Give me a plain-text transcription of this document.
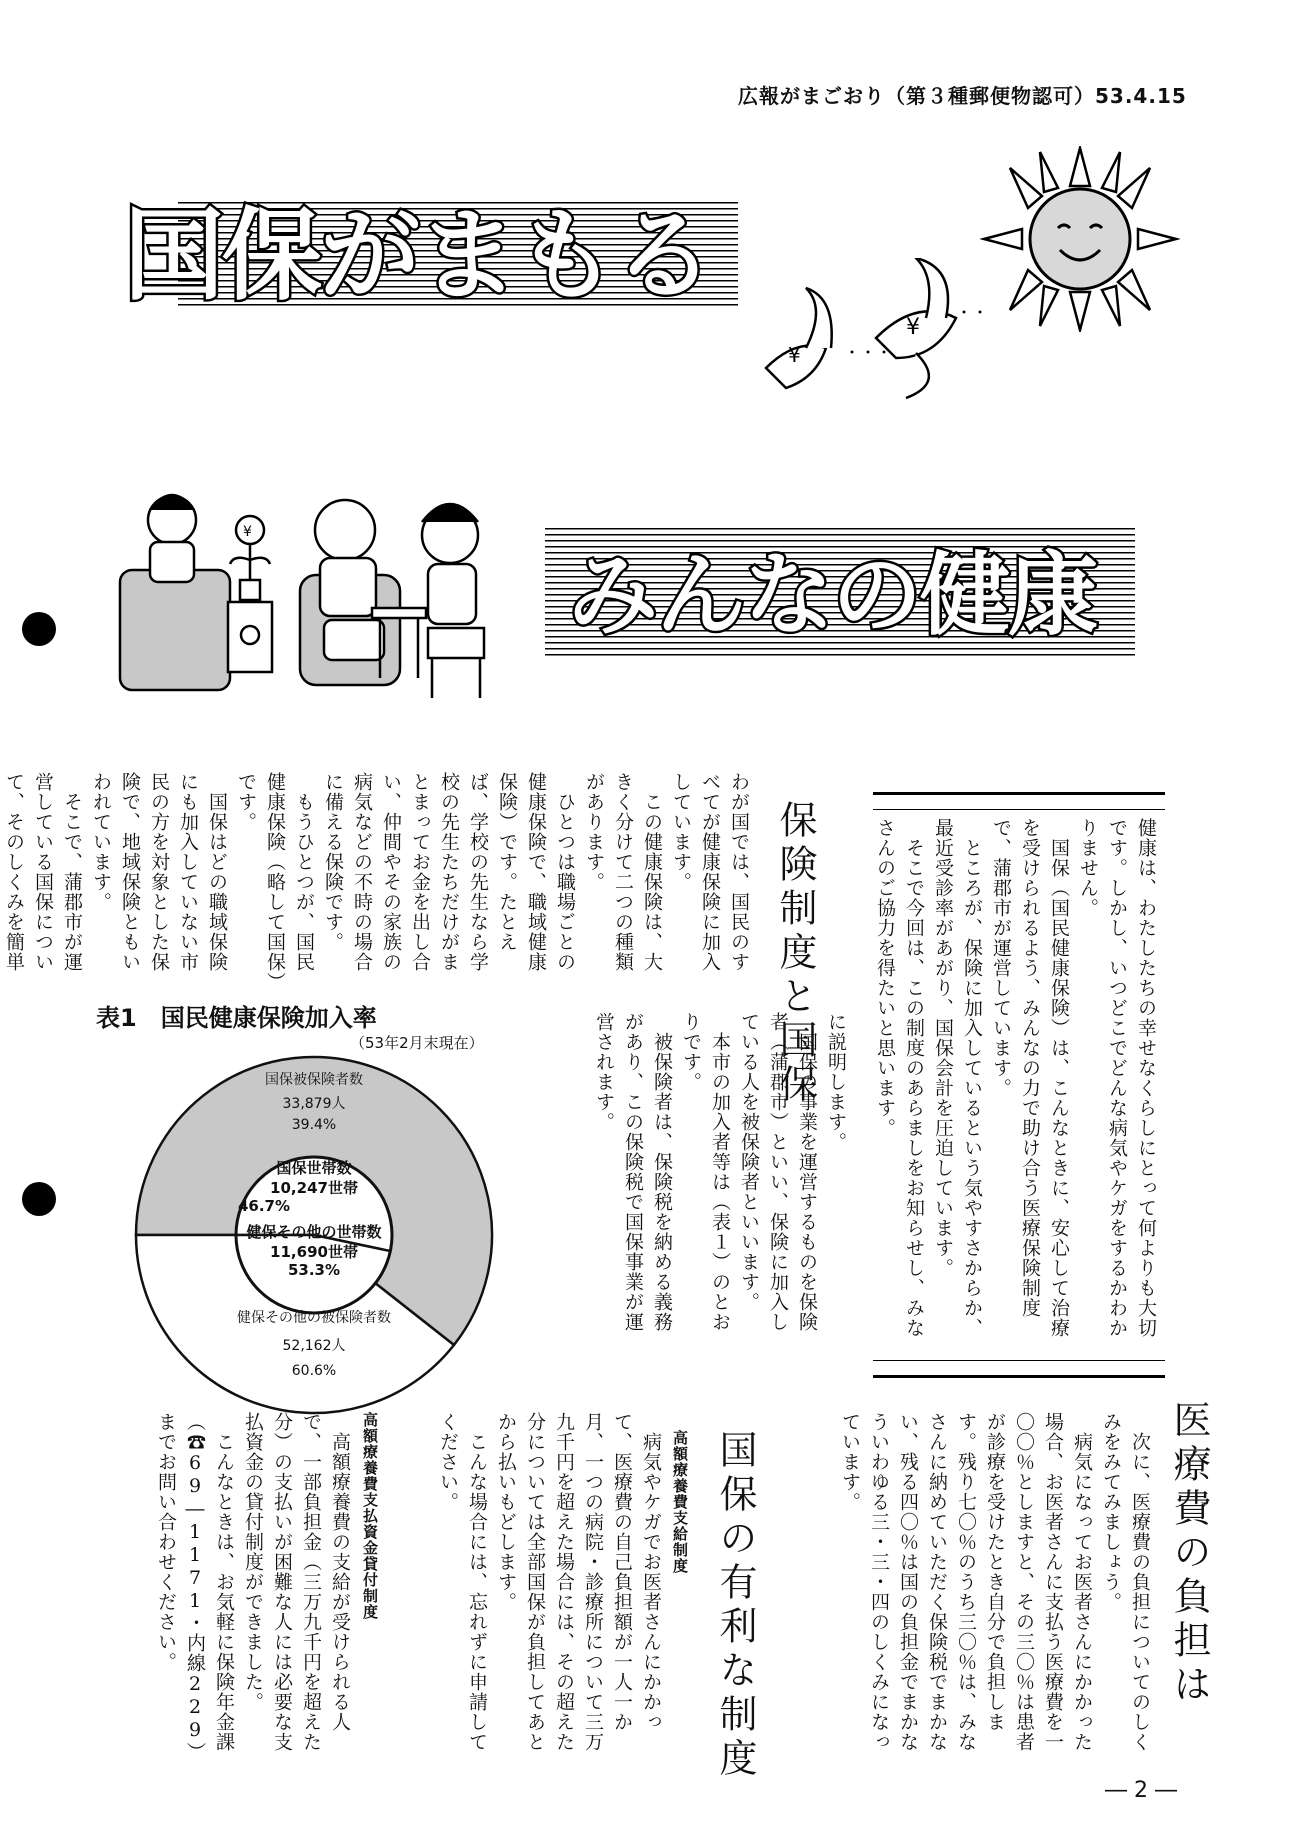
広報がまごおり（第３種郵便物認可）53.4.15
国保がまもる
¥
¥
・・・
・・
¥
みんなの健康
健康は、わたしたちの幸せなくらしにとって何よりも大切です。しかし、いつどこでどんな病気やケガをするかわかりません。
　国保（国民健康保険）は、こんなときに、安心して治療を受けられるよう、みんなの力で助け合う医療保険制度で、蒲郡市が運営しています。
　ところが、保険に加入しているという気やすさからか、最近受診率があがり、国保会計を圧迫しています。
　そこで今回は、この制度のあらましをお知らせし、みなさんのご協力を得たいと思います。
保険制度と国保
わが国では、国民のすべてが健康保険に加入しています。
　この健康保険は、大きく分けて二つの種類があります。
　ひとつは職場ごとの健康保険で、職域健康保険）です。たとえば、学校の先生なら学校の先生たちだけがまとまってお金を出し合い、仲間やその家族の病気などの不時の場合に備える保険です。
　もうひとつが、国民健康保険（略して国保）です。
　国保はどの職域保険にも加入していない市民の方を対象とした保険で、地域保険ともいわれています。
　そこで、蒲郡市が運営している国保について、そのしくみを簡単
に説明します。
　国保の事業を運営するものを保険者（蒲郡市）といい、保険に加入している人を被保険者といいます。
　本市の加入者等は（表１）のとおりです。
　被保険者は、保険税を納める義務があり、この保険税で国保事業が運営されます。
表1　国民健康保険加入率
（53年2月末現在）
国保被保険者数
33,879人
39.4%
国保世帯数
10,247世帯
46.7%
健保その他の世帯数
11,690世帯
53.3%
健保その他の被保険者数
52,162人
60.6%
医療費の負担は
　次に、医療費の負担についてのしくみをみてみましょう。
　病気になってお医者さんにかかった場合、お医者さんに支払う医療費を一〇〇％としますと、その三〇％は患者が診療を受けたとき自分で負担します。残り七〇％のうち三〇％は、みなさんに納めていただく保険税でまかない、残る四〇％は国の負担金でまかなういわゆる三・三・四のしくみになっています。
国保の有利な制度
高額療養費支給制度
　病気やケガでお医者さんにかかって、医療費の自己負担額が一人一か月、一つの病院・診療所について三万九千円を超えた場合には、その超えた分については全部国保が負担してあとから払いもどします。
　こんな場合には、忘れずに申請してください。
高額療養費支払資金貸付制度
　高額療養費の支給が受けられる人で、一部負担金（三万九千円を超えた分）の支払いが困難な人には必要な支払資金の貸付制度ができました。
　こんなときは、お気軽に保険年金課（☎69―1171・内線229）までお問い合わせください。
― 2 ―
